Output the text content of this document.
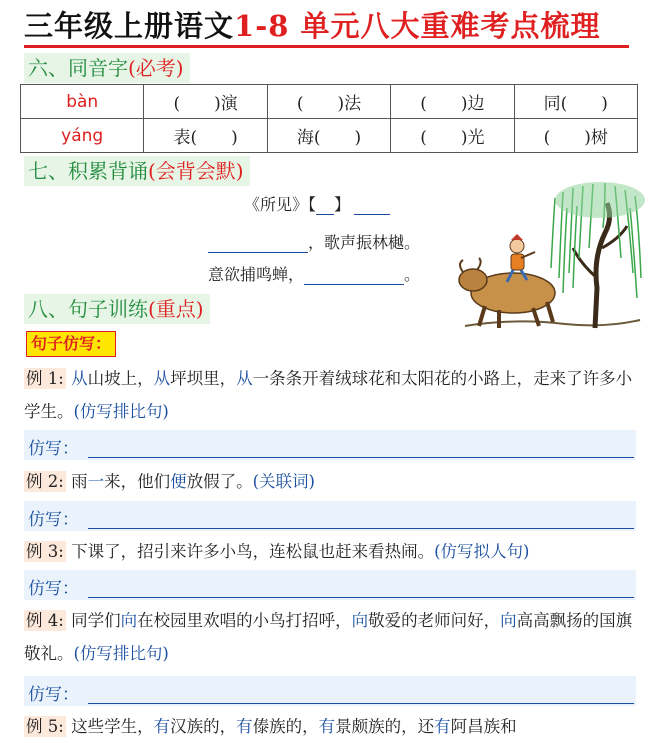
三年级上册语文1-8 单元八大重难考点梳理
六、同音字(必考)
bàn	(　　)演	(　　)法	(　　)边	同(　　)
yáng	表(　　)	海(　　)	(　　)光	(　　)树
七、积累背诵(会背会默)
《所见》【 】
，歌声振林樾。
意欲捕鸣蝉，	。
八、句子训练(重点)
句子仿写：
例 1: 从山坡上，从坪坝里，从一条条开着绒球花和太阳花的小路上，走来了许多小学生。(仿写排比句)
仿写：
例 2: 雨一来，他们便放假了。(关联词)
仿写：
例 3: 下课了，招引来许多小鸟，连松鼠也赶来看热闹。(仿写拟人句)
仿写：
例 4: 同学们向在校园里欢唱的小鸟打招呼，向敬爱的老师问好，向高高飘扬的国旗敬礼。(仿写排比句)
仿写：
例 5: 这些学生，有汉族的，有傣族的，有景颇族的，还有阿昌族和
